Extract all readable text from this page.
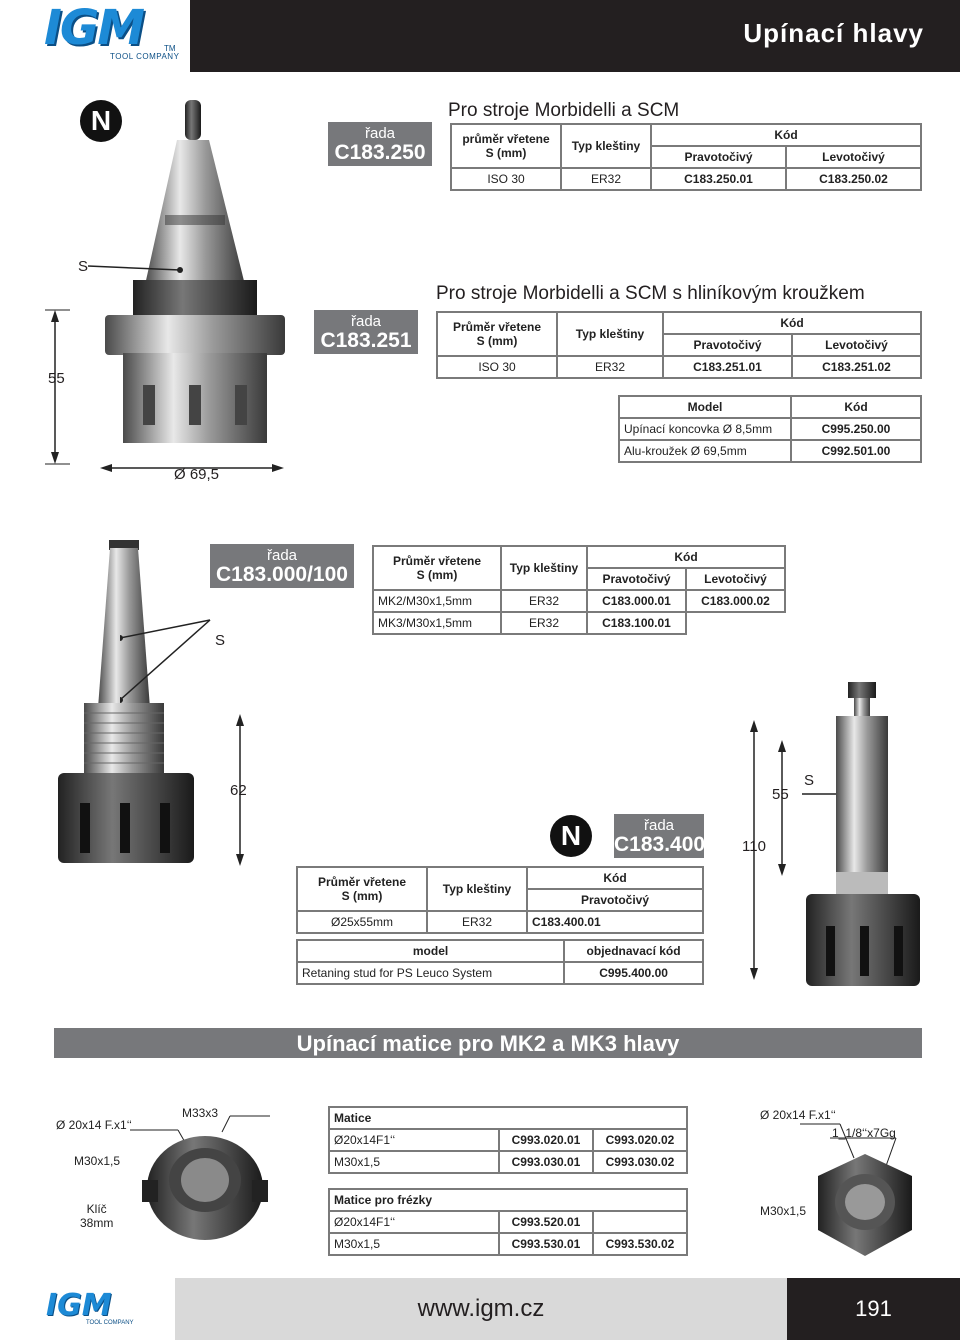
IGM	TM
TOOL COMPANY
Upínací hlavy
N	řada
C183.250
Pro stroje Morbidelli a SCM
průměr vřetene
S (mm)	Typ kleštiny	Kód	
		Pravotočivý	Levotočivý
ISO 30	ER32	C183.250.01	C183.250.02
S
55
Ø 69,5
řada
C183.251
Pro stroje Morbidelli a SCM s hliníkovým kroužkem
Průměr vřetene
S (mm)	Typ kleštiny	Kód	
		Pravotočivý	Levotočivý
ISO 30	ER32	C183.251.01	C183.251.02
Model	Kód
Upínací koncovka Ø 8,5mm	C995.250.00
Alu-kroužek Ø 69,5mm	C992.501.00
S
62
řada
C183.000/100
Průměr vřetene
S (mm)	Typ kleštiny	Kód	
		Pravotočivý	Levotočivý
MK2/M30x1,5mm	ER32	C183.000.01	C183.000.02
MK3/M30x1,5mm	ER32	C183.100.01	
N	řada
C183.400
55
S
110
Průměr vřetene
S (mm)	Typ kleštiny	Kód
		Pravotočivý
Ø25x55mm	ER32	C183.400.01
model	objednavací kód
Retaning stud for PS Leuco System	C995.400.00
Upínací matice pro MK2 a MK3 hlavy
Ø 20x14 F.x1‘‘
M33x3
M30x1,5
Klíč
38mm
Matice		
Ø20x14F1‘‘	C993.020.01	C993.020.02
M30x1,5	C993.030.01	C993.030.02
Matice pro frézky		
Ø20x14F1‘‘	C993.520.01	
M30x1,5	C993.530.01	C993.530.02
Ø 20x14 F.x1‘‘
1_1/8‘‘x7Gg
M30x1,5
IGM
TOOL COMPANY
www.igm.cz	191
